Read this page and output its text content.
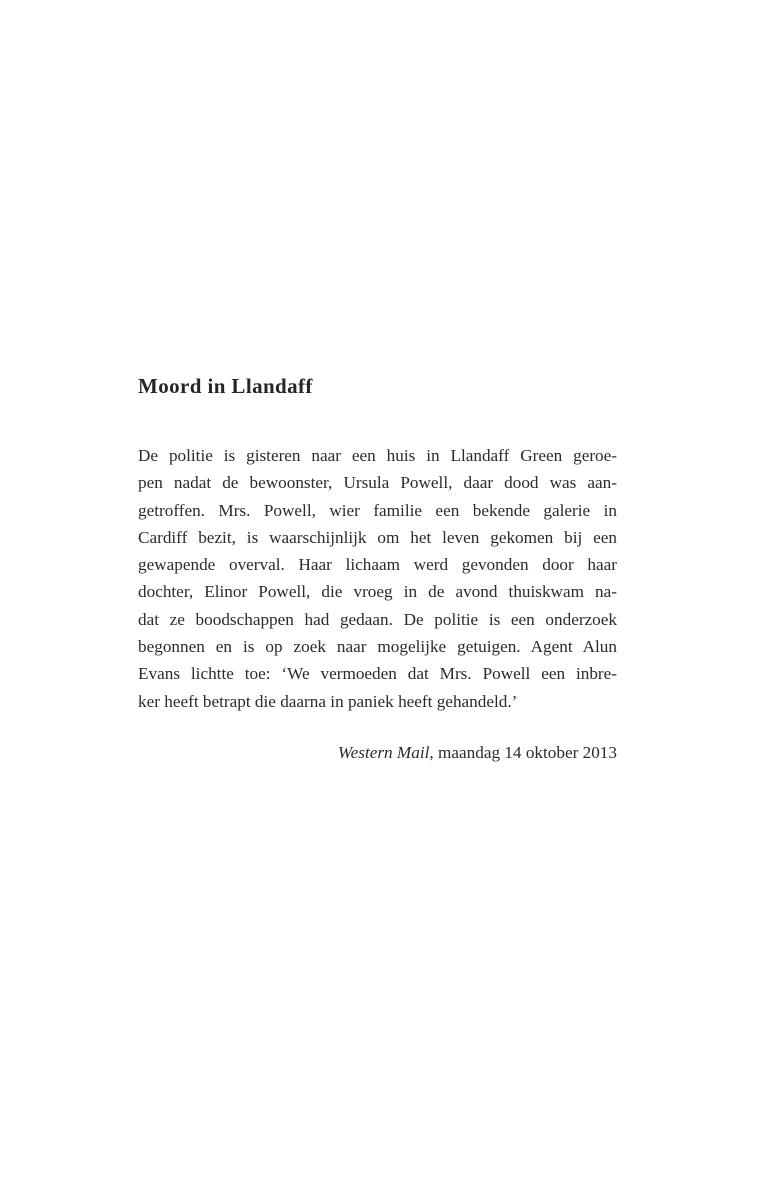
Moord in Llandaff
De politie is gisteren naar een huis in Llandaff Green geroe-
pen nadat de bewoonster, Ursula Powell, daar dood was aan-
getroffen. Mrs. Powell, wier familie een bekende galerie in
Cardiff bezit, is waarschijnlijk om het leven gekomen bij een
gewapende overval. Haar lichaam werd gevonden door haar
dochter, Elinor Powell, die vroeg in de avond thuiskwam na-
dat ze boodschappen had gedaan. De politie is een onderzoek
begonnen en is op zoek naar mogelijke getuigen. Agent Alun
Evans lichtte toe: ‘We vermoeden dat Mrs. Powell een inbre-
ker heeft betrapt die daarna in paniek heeft gehandeld.’
Western Mail, maandag 14 oktober 2013
